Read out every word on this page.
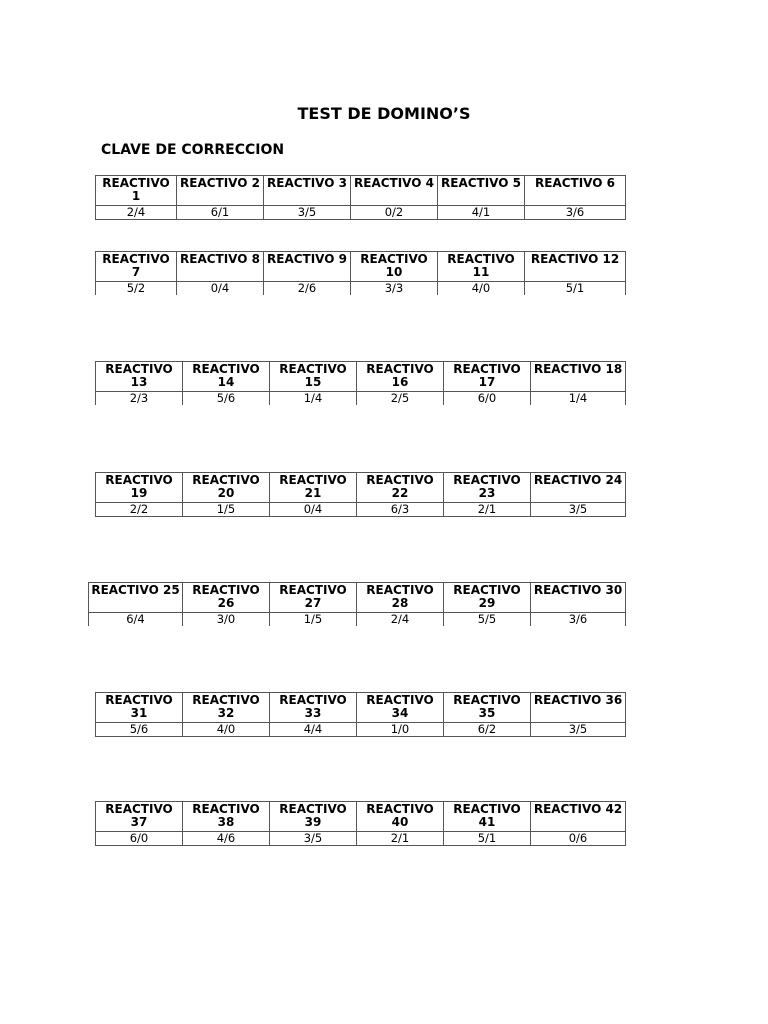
TEST DE DOMINO’S
CLAVE DE CORRECCION
REACTIVO 1	REACTIVO 2	REACTIVO 3	REACTIVO 4	REACTIVO 5	REACTIVO 6
2/4	6/1	3/5	0/2	4/1	3/6
REACTIVO 7	REACTIVO 8	REACTIVO 9	REACTIVO 10	REACTIVO 11	REACTIVO 12
5/2	0/4	2/6	3/3	4/0	5/1
REACTIVO 13	REACTIVO 14	REACTIVO 15	REACTIVO 16	REACTIVO 17	REACTIVO 18
2/3	5/6	1/4	2/5	6/0	1/4
REACTIVO 19	REACTIVO 20	REACTIVO 21	REACTIVO 22	REACTIVO 23	REACTIVO 24
2/2	1/5	0/4	6/3	2/1	3/5
REACTIVO 25	REACTIVO 26	REACTIVO 27	REACTIVO 28	REACTIVO 29	REACTIVO 30
6/4	3/0	1/5	2/4	5/5	3/6
REACTIVO 31	REACTIVO 32	REACTIVO 33	REACTIVO 34	REACTIVO 35	REACTIVO 36
5/6	4/0	4/4	1/0	6/2	3/5
REACTIVO 37	REACTIVO 38	REACTIVO 39	REACTIVO 40	REACTIVO 41	REACTIVO 42
6/0	4/6	3/5	2/1	5/1	0/6
